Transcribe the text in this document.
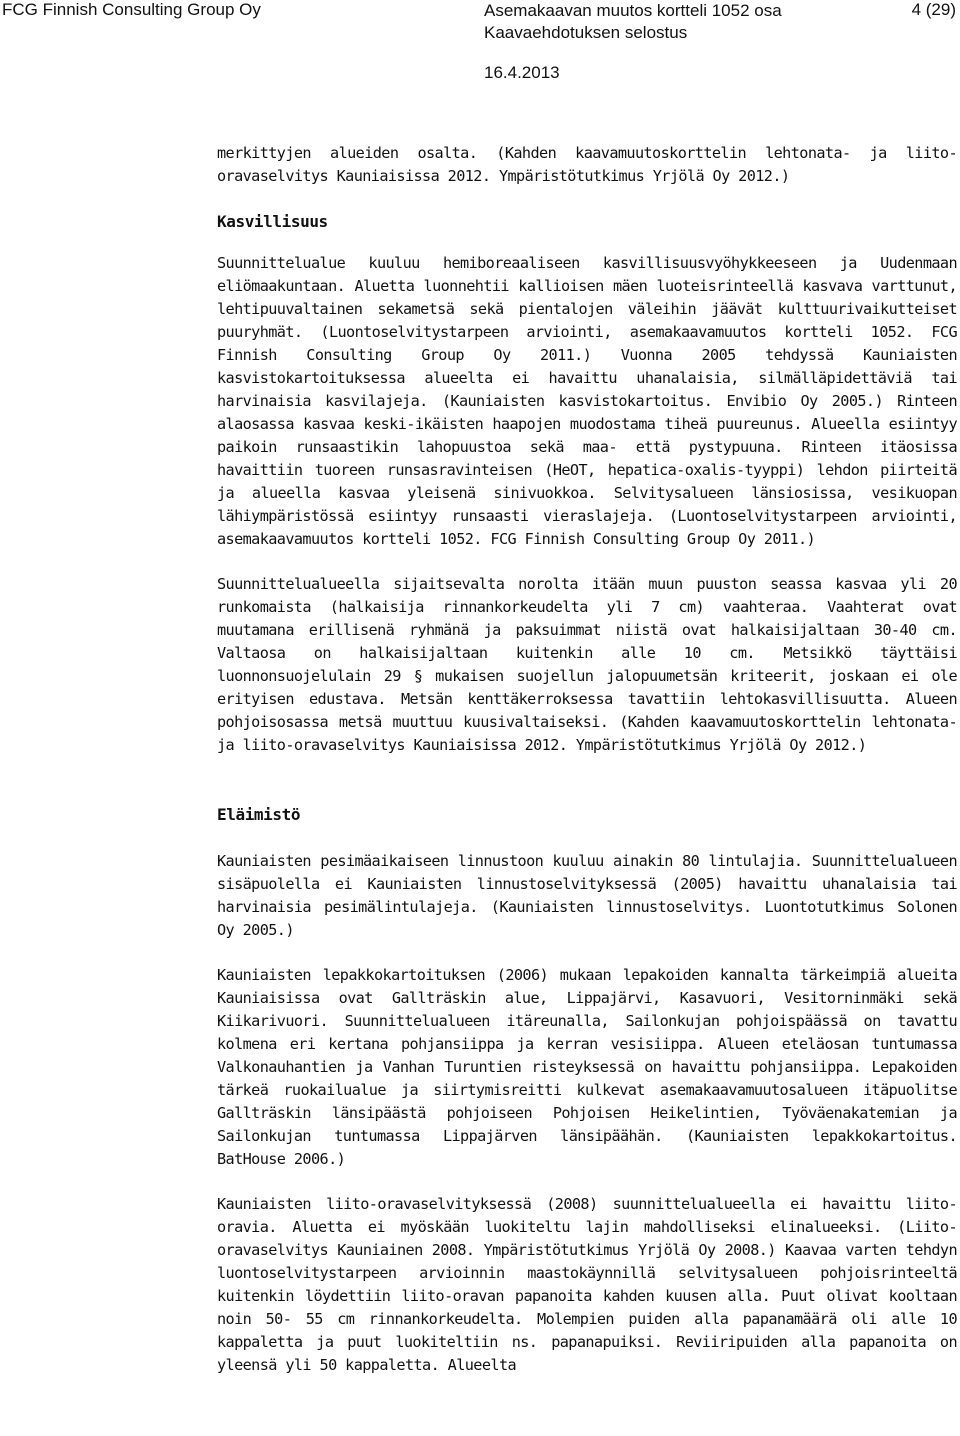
FCG Finnish Consulting Group Oy	Asemakaavan muutos kortteli 1052 osa
Kaavaehdotuksen selostus
4 (29)
16.4.2013

merkittyjen alueiden osalta. (Kahden kaavamuutoskorttelin lehtonata- ja liito-oravaselvitys Kauniaisissa 2012. Ympäristötutkimus Yrjölä Oy 2012.)

Kasvillisuus

Suunnittelualue kuuluu hemiboreaaliseen kasvillisuusvyöhykkeeseen ja Uudenmaan eliömaakuntaan. Aluetta luonnehtii kallioisen mäen luoteisrinteellä kasvava varttunut, lehtipuuvaltainen sekametsä sekä pientalojen väleihin jäävät kulttuurivaikutteiset puuryhmät. (Luontoselvitystarpeen arviointi, asemakaavamuutos kortteli 1052. FCG Finnish Consulting Group Oy 2011.) Vuonna 2005 tehdyssä Kauniaisten kasvistokartoituksessa alueelta ei havaittu uhanalaisia, silmälläpidettäviä tai harvinaisia kasvilajeja. (Kauniaisten kasvistokartoitus. Envibio Oy 2005.) Rinteen alaosassa kasvaa keski-ikäisten haapojen muodostama tiheä puureunus. Alueella esiintyy paikoin runsaastikin lahopuustoa sekä maa- että pystypuuna. Rinteen itäosissa havaittiin tuoreen runsasravinteisen (HeOT, hepatica-oxalis-tyyppi) lehdon piirteitä ja alueella kasvaa yleisenä sinivuokkoa. Selvitysalueen länsiosissa, vesikuopan lähiympäristössä esiintyy runsaasti vieraslajeja. (Luontoselvitystarpeen arviointi, asemakaavamuutos kortteli 1052. FCG Finnish Consulting Group Oy 2011.)

Suunnittelualueella sijaitsevalta norolta itään muun puuston seassa kasvaa yli 20 runkomaista (halkaisija rinnankorkeudelta yli 7 cm) vaahteraa. Vaahterat ovat muutamana erillisenä ryhmänä ja paksuimmat niistä ovat halkaisijaltaan 30-40 cm. Valtaosa on halkaisijaltaan kuitenkin alle 10 cm. Metsikkö täyttäisi luonnonsuojelulain 29 § mukaisen suojellun jalopuumetsän kriteerit, joskaan ei ole erityisen edustava. Metsän kenttäkerroksessa tavattiin lehtokasvillisuutta. Alueen pohjoisosassa metsä muuttuu kuusivaltaiseksi. (Kahden kaavamuutoskorttelin lehtonata- ja liito-oravaselvitys Kauniaisissa 2012. Ympäristötutkimus Yrjölä Oy 2012.)

Eläimistö

Kauniaisten pesimäaikaiseen linnustoon kuuluu ainakin 80 lintulajia. Suunnittelualueen sisäpuolella ei Kauniaisten linnustoselvityksessä (2005) havaittu uhanalaisia tai harvinaisia pesimälintulajeja. (Kauniaisten linnustoselvitys. Luontotutkimus Solonen Oy 2005.)

Kauniaisten lepakkokartoituksen (2006) mukaan lepakoiden kannalta tärkeimpiä alueita Kauniaisissa ovat Gallträskin alue, Lippajärvi, Kasavuori, Vesitorninmäki sekä Kiikarivuori. Suunnittelualueen itäreunalla, Sailonkujan pohjoispäässä on tavattu kolmena eri kertana pohjansiippa ja kerran vesisiippa. Alueen eteläosan tuntumassa Valkonauhantien ja Vanhan Turuntien risteyksessä on havaittu pohjansiippa. Lepakoiden tärkeä ruokailualue ja siirtymisreitti kulkevat asemakaavamuutosalueen itäpuolitse Gallträskin länsipäästä pohjoiseen Pohjoisen Heikelintien, Työväenakatemian ja Sailonkujan tuntumassa Lippajärven länsipäähän. (Kauniaisten lepakkokartoitus. BatHouse 2006.)

Kauniaisten liito-oravaselvityksessä (2008) suunnittelualueella ei havaittu liito-oravia. Aluetta ei myöskään luokiteltu lajin mahdolliseksi elinalueeksi. (Liito-oravaselvitys Kauniainen 2008. Ympäristötutkimus Yrjölä Oy 2008.) Kaavaa varten tehdyn luontoselvitystarpeen arvioinnin maastokäynnillä selvitysalueen pohjoisrinteeltä kuitenkin löydettiin liito-oravan papanoita kahden kuusen alla. Puut olivat kooltaan noin 50- 55 cm rinnankorkeudelta. Molempien puiden alla papanamäärä oli alle 10 kappaletta ja puut luokiteltiin ns. papanapuiksi. Reviiripuiden alla papanoita on yleensä yli 50 kappaletta. Alueelta
